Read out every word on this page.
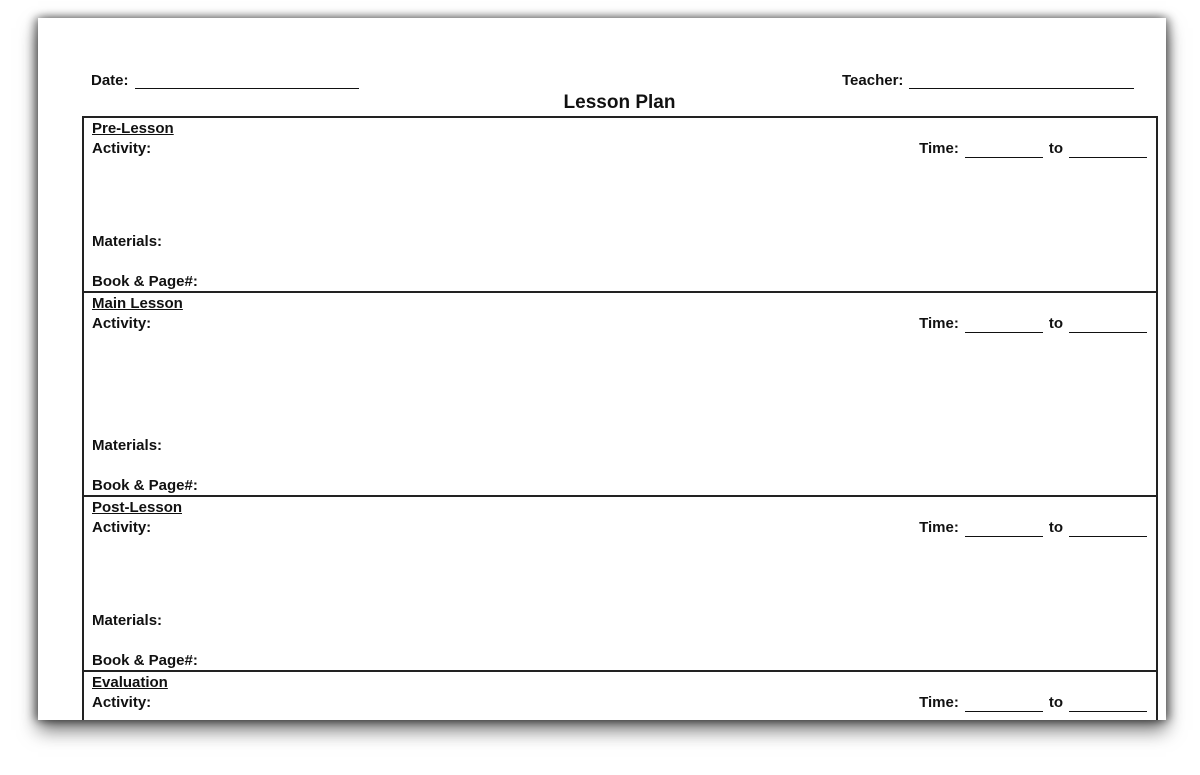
Date:	Teacher:
Lesson Plan
Pre-Lesson
Activity:	Time:	to
Materials:
Book & Page#:
Main Lesson
Activity:	Time:	to
Materials:
Book & Page#:
Post-Lesson
Activity:	Time:	to
Materials:
Book & Page#:
Evaluation
Activity:	Time:	to
